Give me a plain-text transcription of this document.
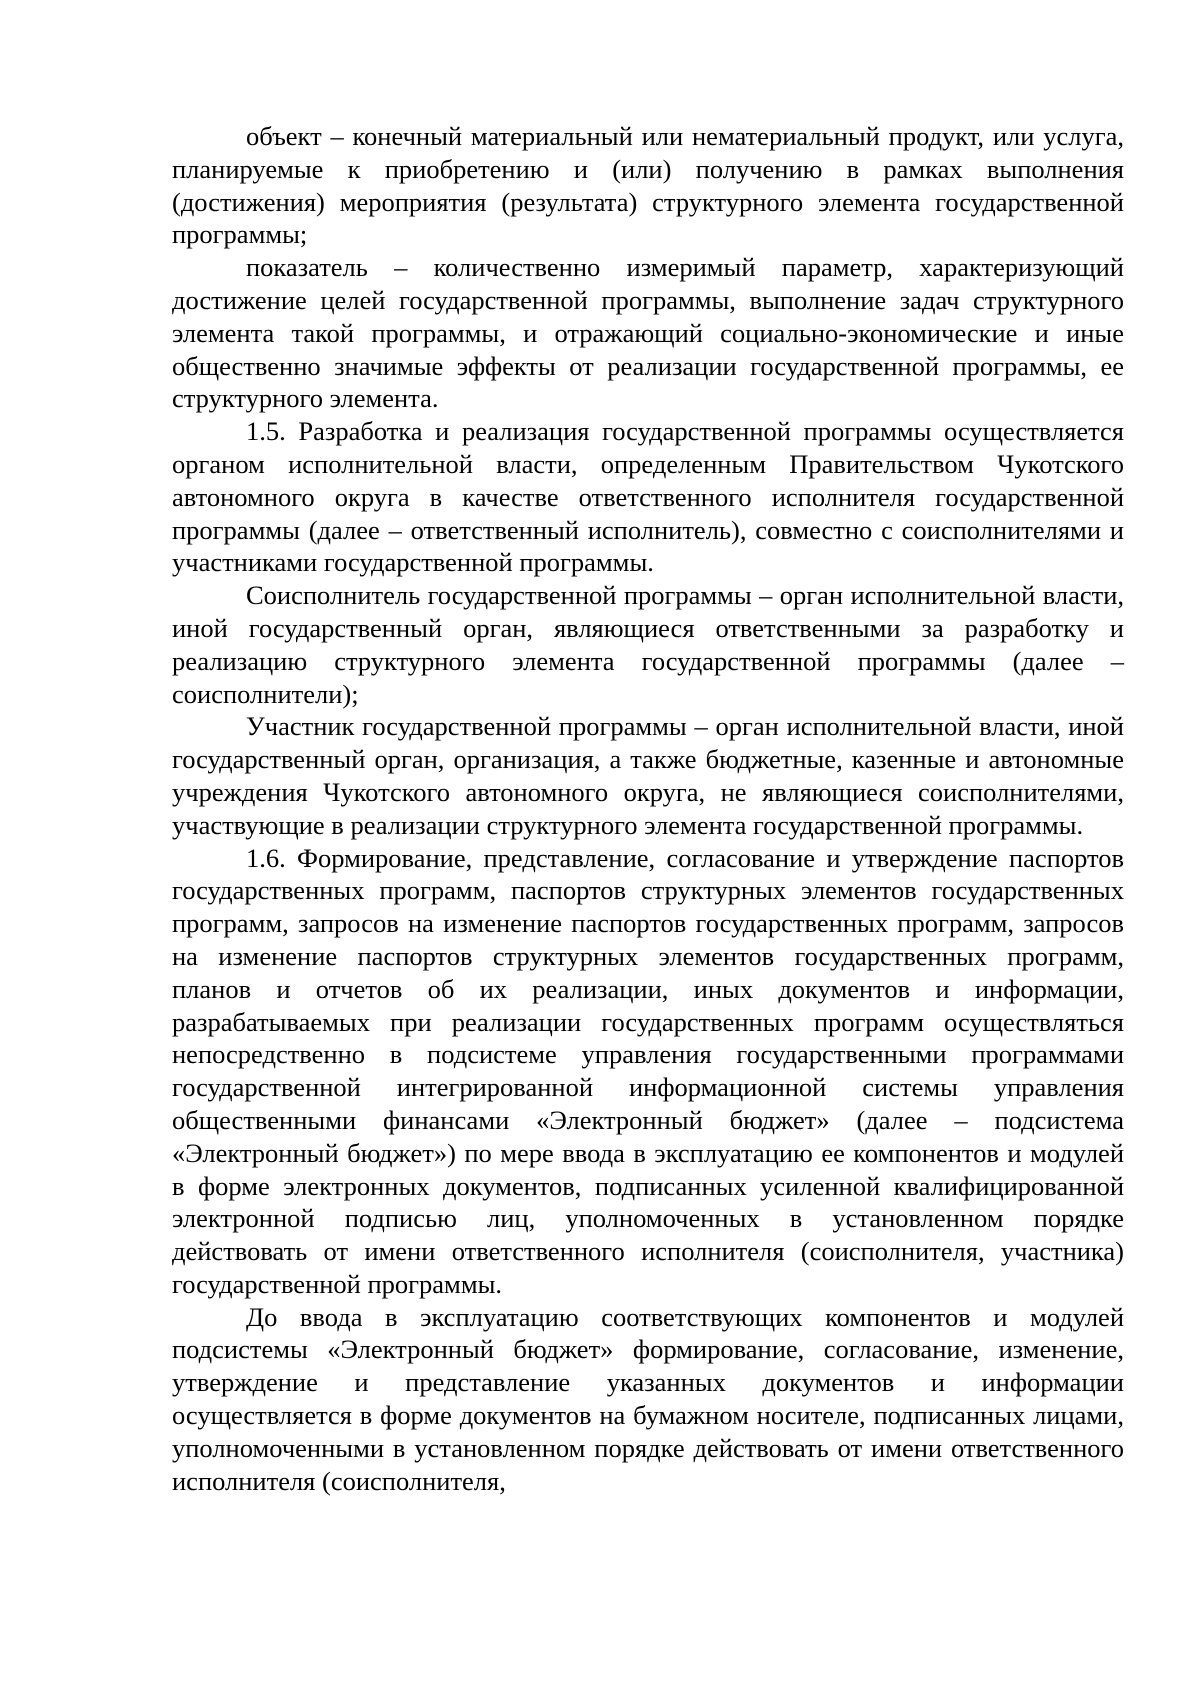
объект – конечный материальный или нематериальный продукт, или услуга, планируемые к приобретению и (или) получению в рамках выполнения (достижения) мероприятия (результата) структурного элемента государственной программы;

показатель – количественно измеримый параметр, характеризующий достижение целей государственной программы, выполнение задач структурного элемента такой программы, и отражающий социально-экономические и иные общественно значимые эффекты от реализации государственной программы, ее структурного элемента.

1.5. Разработка и реализация государственной программы осуществляется органом исполнительной власти, определенным Правительством Чукотского автономного округа в качестве ответственного исполнителя государственной программы (далее – ответственный исполнитель), совместно с соисполнителями и участниками государственной программы.

Соисполнитель государственной программы – орган исполнительной власти, иной государственный орган, являющиеся ответственными за разработку и реализацию структурного элемента государственной программы (далее – соисполнители);

Участник государственной программы – орган исполнительной власти, иной государственный орган, организация, а также бюджетные, казенные и автономные учреждения Чукотского автономного округа, не являющиеся соисполнителями, участвующие в реализации структурного элемента государственной программы.

1.6. Формирование, представление, согласование и утверждение паспортов государственных программ, паспортов структурных элементов государственных программ, запросов на изменение паспортов государственных программ, запросов на изменение паспортов структурных элементов государственных программ, планов и отчетов об их реализации, иных документов и информации, разрабатываемых при реализации государственных программ осуществляться непосредственно в подсистеме управления государственными программами государственной интегрированной информационной системы управления общественными финансами «Электронный бюджет» (далее – подсистема «Электронный бюджет») по мере ввода в эксплуатацию ее компонентов и модулей в форме электронных документов, подписанных усиленной квалифицированной электронной подписью лиц, уполномоченных в установленном порядке действовать от имени ответственного исполнителя (соисполнителя, участника) государственной программы.

До ввода в эксплуатацию соответствующих компонентов и модулей подсистемы «Электронный бюджет» формирование, согласование, изменение, утверждение и представление указанных документов и информации осуществляется в форме документов на бумажном носителе, подписанных лицами, уполномоченными в установленном порядке действовать от имени ответственного исполнителя (соисполнителя,
